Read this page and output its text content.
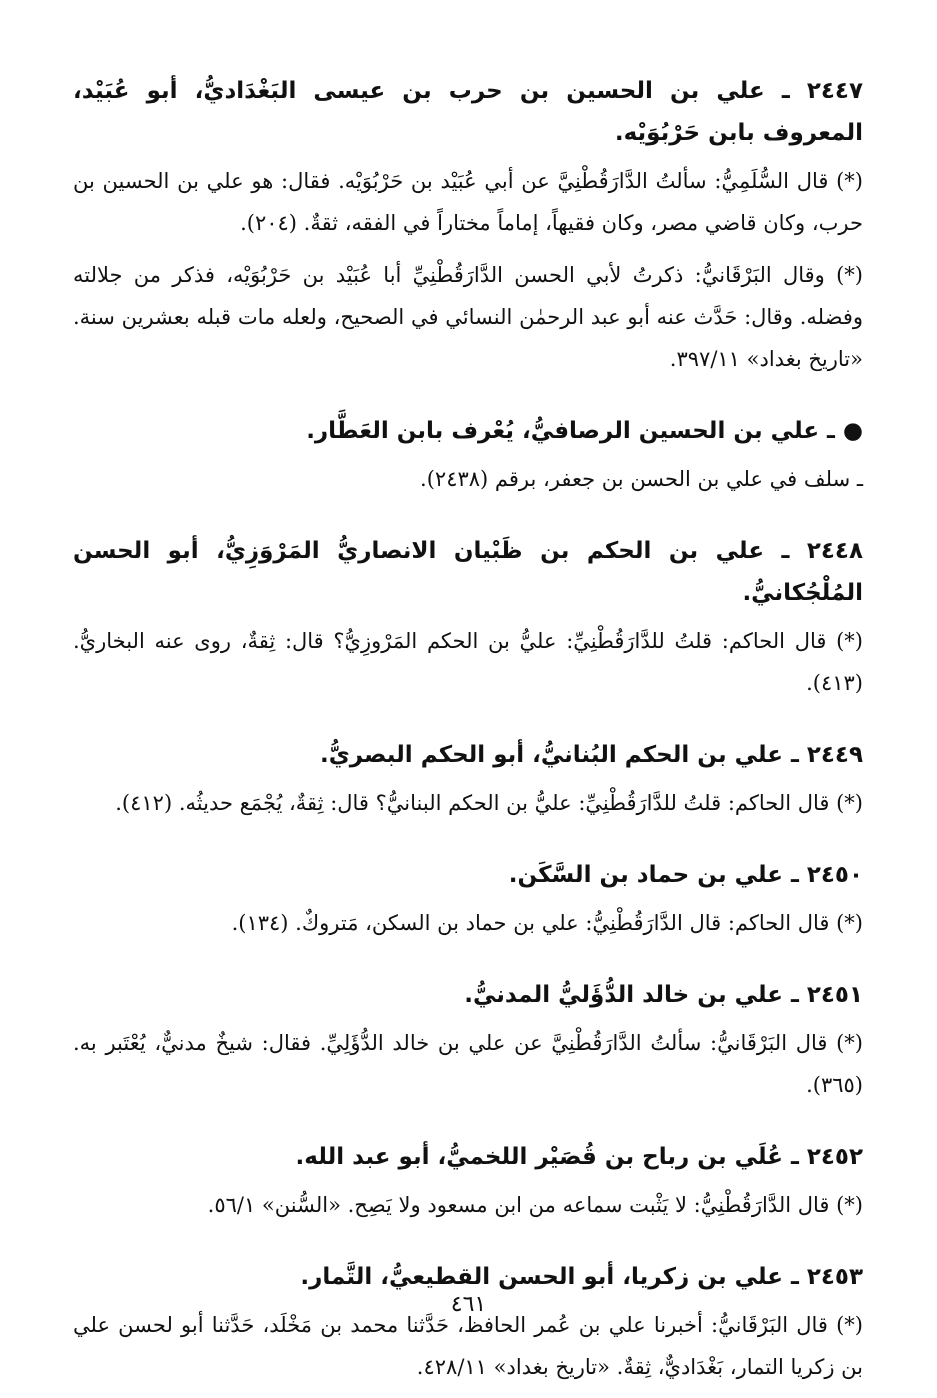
٢٤٤٧ ـ علي بن الحسين بن حرب بن عيسى البَغْدَاديُّ، أبو عُبَيْد، المعروف بابن حَرْبُوَيْه.

(*) قال السُّلَمِيُّ: سألتُ الدَّارَقُطْنِيَّ عن أبي عُبَيْد بن حَرْبُوَيْه. فقال: هو علي بن الحسين بن حرب، وكان قاضي مصر، وكان فقيهاً، إماماً مختاراً في الفقه، ثقةٌ. (٢٠٤).

(*) وقال البَرْقَانيُّ: ذكرتُ لأبي الحسن الدَّارَقُطْنِيِّ أبا عُبَيْد بن حَرْبُوَيْه، فذكر من جلالته وفضله. وقال: حَدَّث عنه أبو عبد الرحمٰن النسائي في الصحيح، ولعله مات قبله بعشرين سنة. «تاريخ بغداد» ٣٩٧/١١.

● ـ علي بن الحسين الرصافيُّ، يُعْرف بابن العَطَّار.

ـ سلف في علي بن الحسن بن جعفر، برقم (٢٤٣٨).

٢٤٤٨ ـ علي بن الحكم بن ظَبْيان الانصاريُّ المَرْوَزِيُّ، أبو الحسن المُلْجُكانيُّ.

(*) قال الحاكم: قلتُ للدَّارَقُطْنِيِّ: عليُّ بن الحكم المَرْوزِيُّ؟ قال: ثِقةٌ، روى عنه البخاريُّ. (٤١٣).

٢٤٤٩ ـ علي بن الحكم البُنانيُّ، أبو الحكم البصريُّ.

(*) قال الحاكم: قلتُ للدَّارَقُطْنِيِّ: عليُّ بن الحكم البنانيُّ؟ قال: ثِقةٌ، يُجْمَع حديثُه. (٤١٢).

٢٤٥٠ ـ علي بن حماد بن السَّكَن.

(*) قال الحاكم: قال الدَّارَقُطْنِيُّ: علي بن حماد بن السكن، مَتروكٌ. (١٣٤).

٢٤٥١ ـ علي بن خالد الدُّؤَليُّ المدنيُّ.

(*) قال البَرْقَانيُّ: سألتُ الدَّارَقُطْنِيَّ عن علي بن خالد الدُّؤَلِيِّ. فقال: شيخٌ مدنيٌّ، يُعْتَبر به. (٣٦٥).

٢٤٥٢ ـ عُلَي بن رباح بن قُصَيْر اللخميُّ، أبو عبد الله.

(*) قال الدَّارَقُطْنِيُّ: لا يَثْبت سماعه من ابن مسعود ولا يَصِح. «السُّنن» ٥٦/١.

٢٤٥٣ ـ علي بن زكريا، أبو الحسن القطيعيُّ، التَّمار.

(*) قال البَرْقَانيُّ: أخبرنا علي بن عُمر الحافظ، حَدَّثنا محمد بن مَخْلَد، حَدَّثنا أبو لحسن علي بن زكريا التمار، بَغْدَاديٌّ، ثِقةٌ. «تاريخ بغداد» ٤٢٨/١١.

٤٦١
